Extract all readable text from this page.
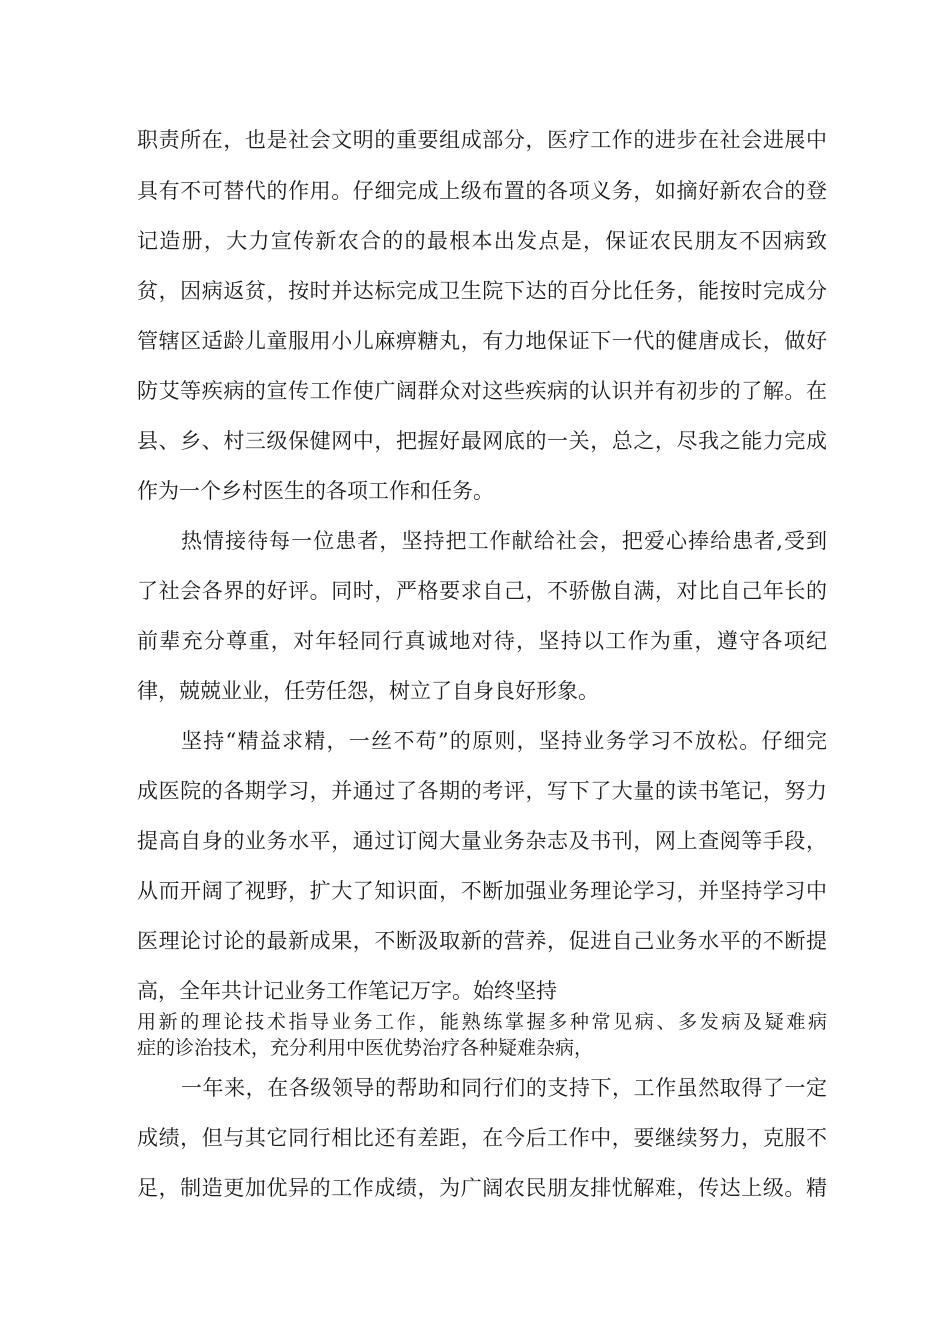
职责所在，也是社会文明的重要组成部分，医疗工作的进步在社会进展中
具有不可替代的作用。仔细完成上级布置的各项义务，如摘好新农合的登
记造册，大力宣传新农合的的最根本出发点是，保证农民朋友不因病致
贫，因病返贫，按时并达标完成卫生院下达的百分比任务，能按时完成分
管辖区适龄儿童服用小儿麻痹糖丸，有力地保证下一代的健唐成长，做好
防艾等疾病的宣传工作使广阔群众对这些疾病的认识并有初步的了解。在
县、乡、村三级保健网中，把握好最网底的一关，总之，尽我之能力完成
作为一个乡村医生的各项工作和任务。
热情接待每一位患者，坚持把工作献给社会，把爱心捧给患者,受到
了社会各界的好评。同时，严格要求自己，不骄傲自满，对比自己年长的
前辈充分尊重，对年轻同行真诚地对待，坚持以工作为重，遵守各项纪
律，兢兢业业，任劳任怨，树立了自身良好形象。
坚持“精益求精，一丝不苟”的原则，坚持业务学习不放松。仔细完
成医院的各期学习，并通过了各期的考评，写下了大量的读书笔记，努力
提高自身的业务水平，通过订阅大量业务杂志及书刊，网上查阅等手段，
从而开阔了视野，扩大了知识面，不断加强业务理论学习，并坚持学习中
医理论讨论的最新成果，不断汲取新的营养，促进自己业务水平的不断提
高，全年共计记业务工作笔记万字。始终坚持
用新的理论技术指导业务工作，能熟练掌握多种常见病、多发病及疑难病
症的诊治技术，充分利用中医优势治疗各种疑难杂病，
一年来，在各级领导的帮助和同行们的支持下，工作虽然取得了一定
成绩，但与其它同行相比还有差距，在今后工作中，要继续努力，克服不
足，制造更加优异的工作成绩，为广阔农民朋友排忧解难，传达上级。精
